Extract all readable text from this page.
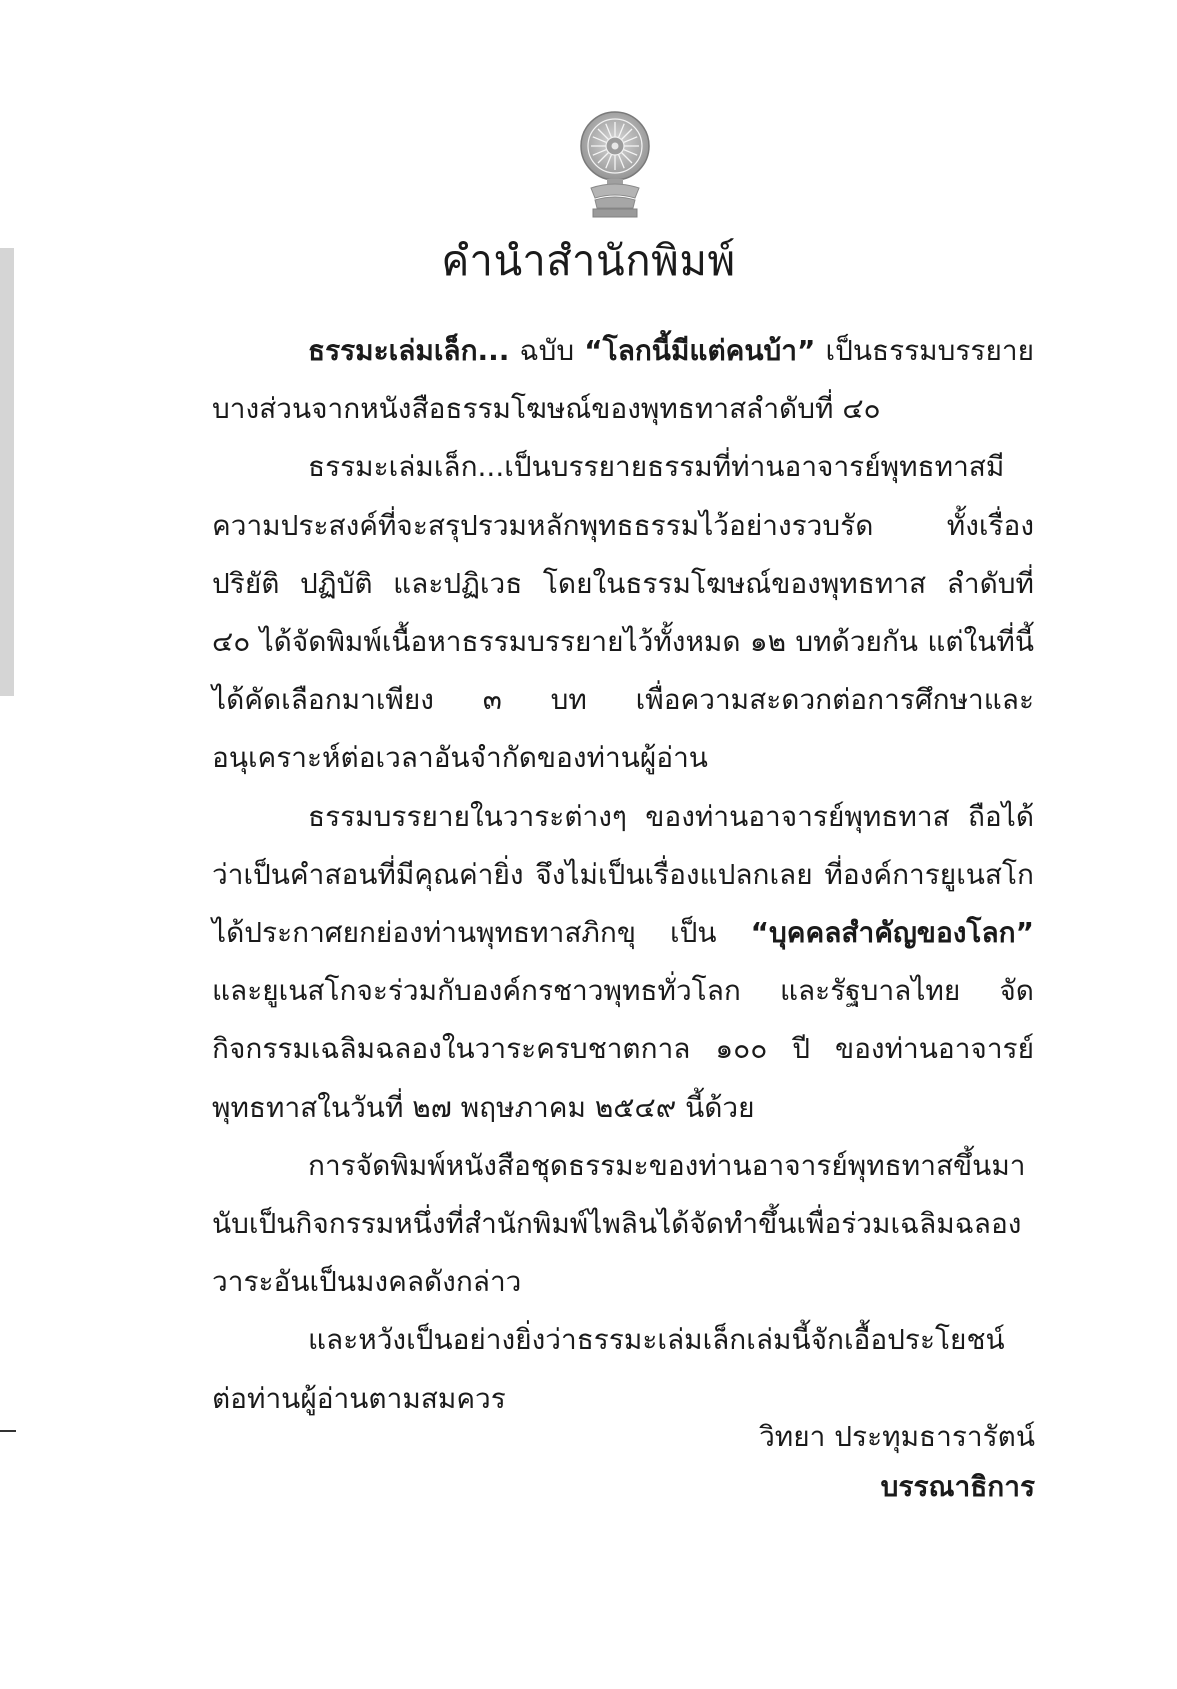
คำนำสำนักพิมพ์

ธรรมะเล่มเล็ก... ฉบับ “โลกนี้มีแต่คนบ้า” เป็นธรรมบรรยายบางส่วนจากหนังสือธรรมโฆษณ์ของพุทธทาสลำดับที่ ๔๐

ธรรมะเล่มเล็ก...เป็นบรรยายธรรมที่ท่านอาจารย์พุทธทาสมีความประสงค์ที่จะสรุปรวมหลักพุทธธรรมไว้อย่างรวบรัด ทั้งเรื่องปริยัติ ปฏิบัติ และปฏิเวธ โดยในธรรมโฆษณ์ของพุทธทาส ลำดับที่ ๔๐ ได้จัดพิมพ์เนื้อหาธรรมบรรยายไว้ทั้งหมด ๑๒ บทด้วยกัน แต่ในที่นี้ได้คัดเลือกมาเพียง ๓ บท เพื่อความสะดวกต่อการศึกษาและอนุเคราะห์ต่อเวลาอันจำกัดของท่านผู้อ่าน

ธรรมบรรยายในวาระต่างๆ ของท่านอาจารย์พุทธทาส ถือได้ว่าเป็นคำสอนที่มีคุณค่ายิ่ง จึงไม่เป็นเรื่องแปลกเลย ที่องค์การยูเนสโก ได้ประกาศยกย่องท่านพุทธทาสภิกขุ เป็น “บุคคลสำคัญของโลก” และยูเนสโกจะร่วมกับองค์กรชาวพุทธทั่วโลก และรัฐบาลไทย จัดกิจกรรมเฉลิมฉลองในวาระครบชาตกาล ๑๐๐ ปี ของท่านอาจารย์พุทธทาสในวันที่ ๒๗ พฤษภาคม ๒๕๔๙ นี้ด้วย

การจัดพิมพ์หนังสือชุดธรรมะของท่านอาจารย์พุทธทาสขึ้นมา นับเป็นกิจกรรมหนึ่งที่สำนักพิมพ์ไพลินได้จัดทำขึ้นเพื่อร่วมเฉลิมฉลองวาระอันเป็นมงคลดังกล่าว

และหวังเป็นอย่างยิ่งว่าธรรมะเล่มเล็กเล่มนี้จักเอื้อประโยชน์ต่อท่านผู้อ่านตามสมควร

วิทยา ประทุมธารารัตน์
บรรณาธิการ
